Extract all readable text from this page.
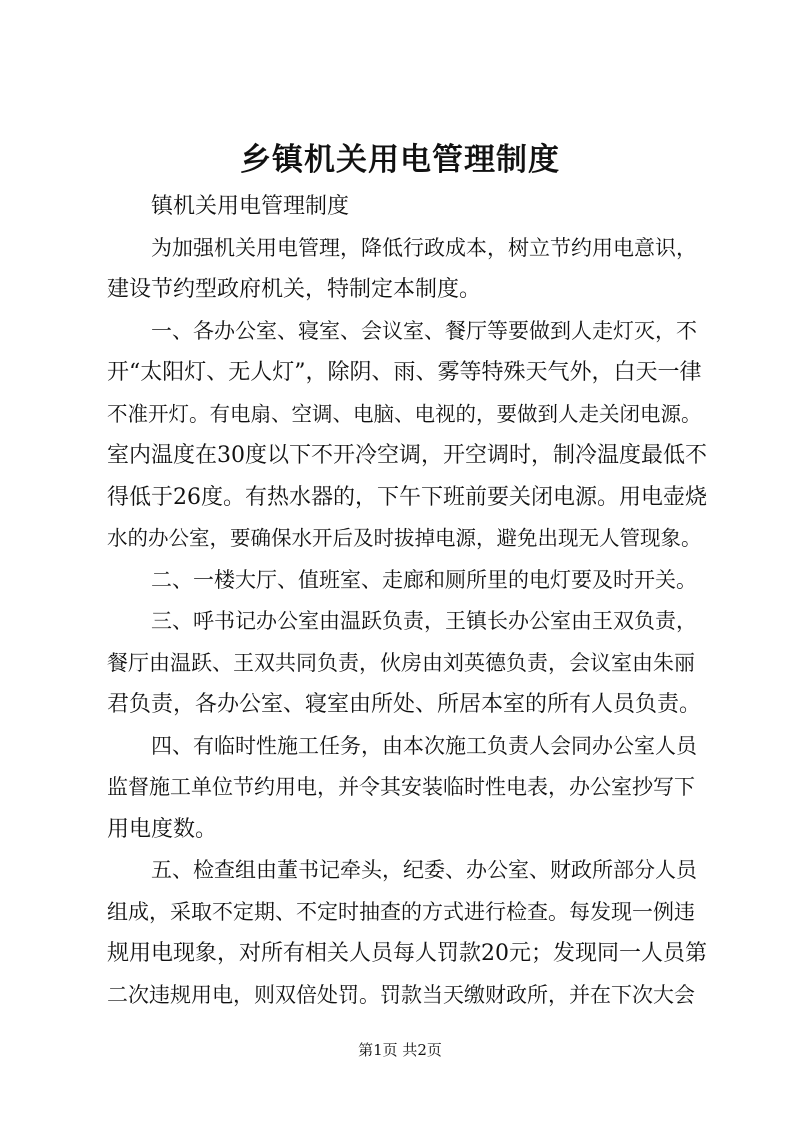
乡镇机关用电管理制度
镇机关用电管理制度
为加强机关用电管理，降低行政成本，树立节约用电意识，
建设节约型政府机关，特制定本制度。
一、各办公室、寝室、会议室、餐厅等要做到人走灯灭，不
开“太阳灯、无人灯”，除阴、雨、雾等特殊天气外，白天一律
不准开灯。有电扇、空调、电脑、电视的，要做到人走关闭电源。
室内温度在30度以下不开冷空调，开空调时，制冷温度最低不
得低于26度。有热水器的，下午下班前要关闭电源。用电壶烧
水的办公室，要确保水开后及时拔掉电源，避免出现无人管现象。
二、一楼大厅、值班室、走廊和厕所里的电灯要及时开关。
三、呼书记办公室由温跃负责，王镇长办公室由王双负责，
餐厅由温跃、王双共同负责，伙房由刘英德负责，会议室由朱丽
君负责，各办公室、寝室由所处、所居本室的所有人员负责。
四、有临时性施工任务，由本次施工负责人会同办公室人员
监督施工单位节约用电，并令其安装临时性电表，办公室抄写下
用电度数。
五、检查组由董书记牵头，纪委、办公室、财政所部分人员
组成，采取不定期、不定时抽查的方式进行检查。每发现一例违
规用电现象，对所有相关人员每人罚款20元；发现同一人员第
二次违规用电，则双倍处罚。罚款当天缴财政所，并在下次大会
第1页 共2页
